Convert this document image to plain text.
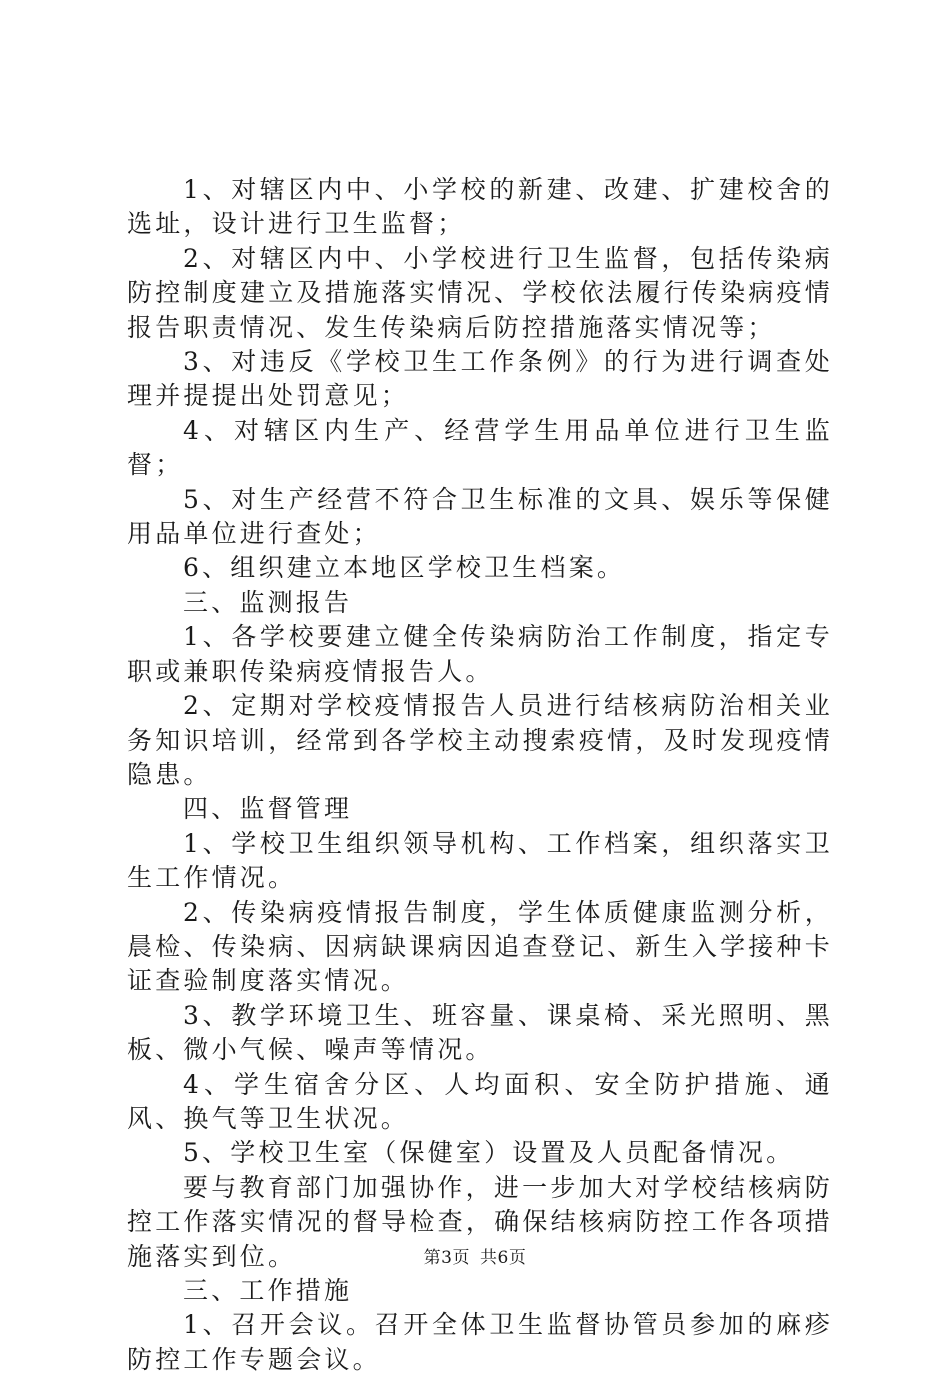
1、对辖区内中、小学校的新建、改建、扩建校舍的选址，设计进行卫生监督；

2、对辖区内中、小学校进行卫生监督，包括传染病防控制度建立及措施落实情况、学校依法履行传染病疫情报告职责情况、发生传染病后防控措施落实情况等；

3、对违反《学校卫生工作条例》的行为进行调查处理并提提出处罚意见；

4、对辖区内生产、经营学生用品单位进行卫生监督；

5、对生产经营不符合卫生标准的文具、娱乐等保健用品单位进行查处；

6、组织建立本地区学校卫生档案。

三、监测报告

1、各学校要建立健全传染病防治工作制度，指定专职或兼职传染病疫情报告人。

2、定期对学校疫情报告人员进行结核病防治相关业务知识培训，经常到各学校主动搜索疫情，及时发现疫情隐患。

四、监督管理

1、学校卫生组织领导机构、工作档案，组织落实卫生工作情况。

2、传染病疫情报告制度，学生体质健康监测分析，晨检、传染病、因病缺课病因追查登记、新生入学接种卡证查验制度落实情况。

3、教学环境卫生、班容量、课桌椅、采光照明、黑板、微小气候、噪声等情况。

4、学生宿舍分区、人均面积、安全防护措施、通风、换气等卫生状况。

5、学校卫生室（保健室）设置及人员配备情况。

要与教育部门加强协作，进一步加大对学校结核病防控工作落实情况的督导检查，确保结核病防控工作各项措施落实到位。

三、工作措施

1、召开会议。召开全体卫生监督协管员参加的麻疹防控工作专题会议。

第3页 共6页
